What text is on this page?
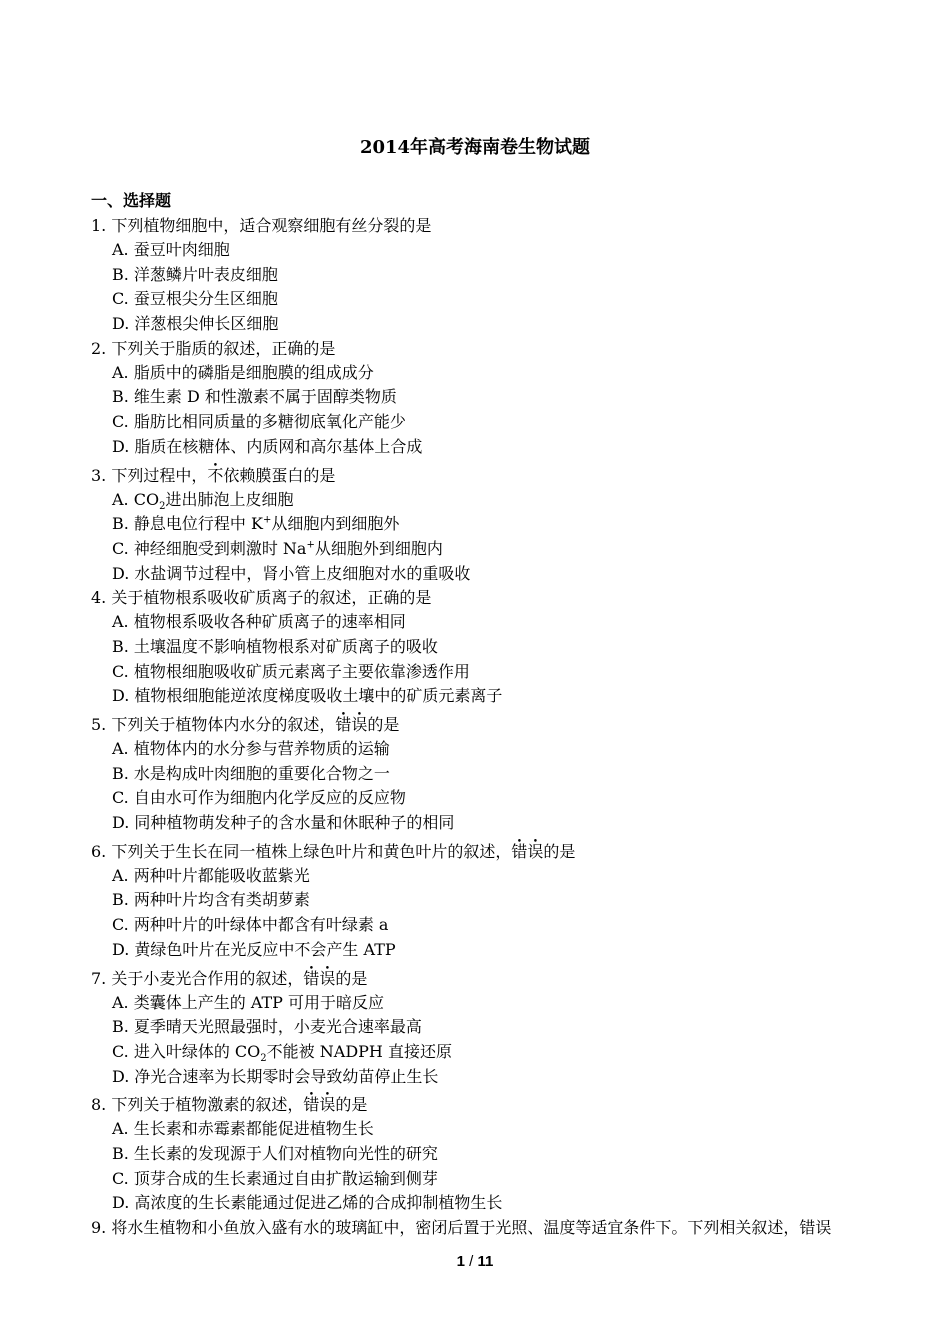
2014年高考海南卷生物试题
一、选择题
1. 下列植物细胞中，适合观察细胞有丝分裂的是
A. 蚕豆叶肉细胞
B. 洋葱鳞片叶表皮细胞
C. 蚕豆根尖分生区细胞
D. 洋葱根尖伸长区细胞
2. 下列关于脂质的叙述，正确的是
A. 脂质中的磷脂是细胞膜的组成成分
B. 维生素 D 和性激素不属于固醇类物质
C. 脂肪比相同质量的多糖彻底氧化产能少
D. 脂质在核糖体、内质网和高尔基体上合成
3. 下列过程中，不依赖膜蛋白的是
A. $CO_2$进出肺泡上皮细胞
B. 静息电位行程中 K+从细胞内到细胞外
C. 神经细胞受到刺激时 Na+从细胞外到细胞内
D. 水盐调节过程中，肾小管上皮细胞对水的重吸收
4. 关于植物根系吸收矿质离子的叙述，正确的是
A. 植物根系吸收各种矿质离子的速率相同
B. 土壤温度不影响植物根系对矿质离子的吸收
C. 植物根细胞吸收矿质元素离子主要依靠渗透作用
D. 植物根细胞能逆浓度梯度吸收土壤中的矿质元素离子
5. 下列关于植物体内水分的叙述，错误的是
A. 植物体内的水分参与营养物质的运输
B. 水是构成叶肉细胞的重要化合物之一
C. 自由水可作为细胞内化学反应的反应物
D. 同种植物萌发种子的含水量和休眠种子的相同
6. 下列关于生长在同一植株上绿色叶片和黄色叶片的叙述，错误的是
A. 两种叶片都能吸收蓝紫光
B. 两种叶片均含有类胡萝素
C. 两种叶片的叶绿体中都含有叶绿素 a
D. 黄绿色叶片在光反应中不会产生 ATP
7. 关于小麦光合作用的叙述，错误的是
A. 类囊体上产生的 ATP 可用于暗反应
B. 夏季晴天光照最强时，小麦光合速率最高
C. 进入叶绿体的 $CO_2$不能被 NADPH 直接还原
D. 净光合速率为长期零时会导致幼苗停止生长
8. 下列关于植物激素的叙述，错误的是
A. 生长素和赤霉素都能促进植物生长
B. 生长素的发现源于人们对植物向光性的研究
C. 顶芽合成的生长素通过自由扩散运输到侧芽
D. 高浓度的生长素能通过促进乙烯的合成抑制植物生长
9. 将水生植物和小鱼放入盛有水的玻璃缸中，密闭后置于光照、温度等适宜条件下。下列相关叙述，错误
1 / 11
